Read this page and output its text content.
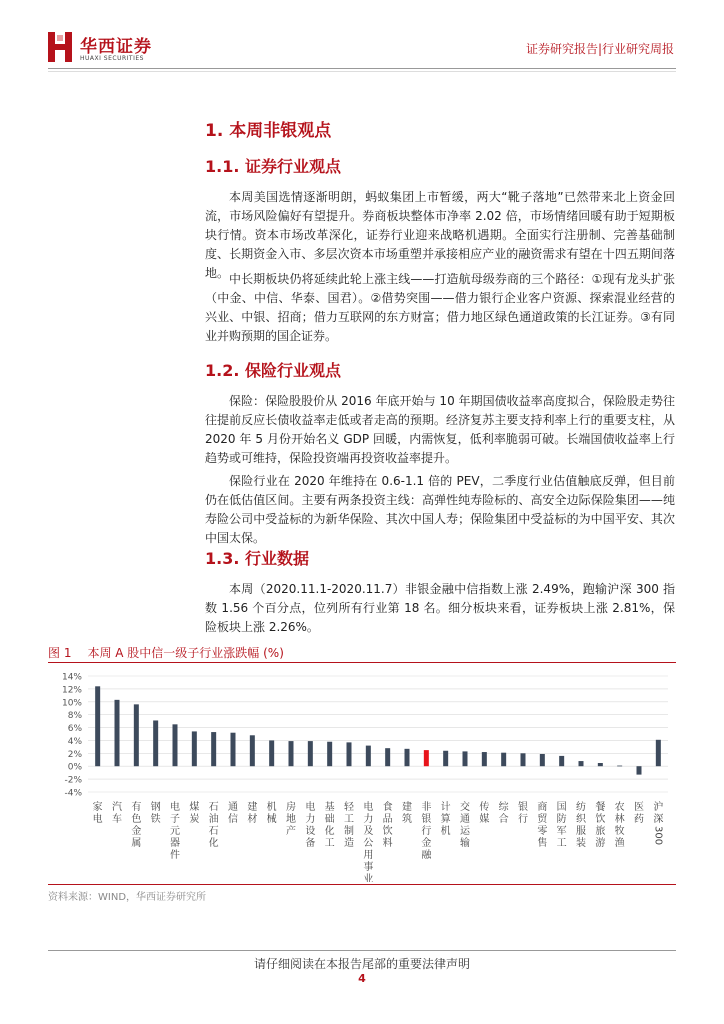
华西证券
HUAXI SECURITIES
证券研究报告|行业研究周报
1. 本周非银观点
1.1. 证券行业观点
本周美国选情逐渐明朗，蚂蚁集团上市暂缓，两大“靴子落地”已然带来北上资金回流，市场风险偏好有望提升。券商板块整体市净率 2.02 倍，市场情绪回暖有助于短期板块行情。资本市场改革深化，证券行业迎来战略机遇期。全面实行注册制、完善基础制度、长期资金入市、多层次资本市场重塑并承接相应产业的融资需求有望在十四五期间落地。 中长期板块仍将延续此轮上涨主线——打造航母级券商的三个路径：①现有龙头扩张（中金、中信、华泰、国君）。②借势突围——借力银行企业客户资源、探索混业经营的兴业、中银、招商；借力互联网的东方财富；借力地区绿色通道政策的长江证券。③有同业并购预期的国企证券。
1.2. 保险行业观点
保险：保险股股价从 2016 年底开始与 10 年期国债收益率高度拟合，保险股走势往往提前反应长债收益率走低或者走高的预期。经济复苏主要支持利率上行的重要支柱，从 2020 年 5 月份开始名义 GDP 回暖，内需恢复，低利率脆弱可破。长端国债收益率上行趋势或可维持，保险投资端再投资收益率提升。
保险行业在 2020 年维持在 0.6-1.1 倍的 PEV，二季度行业估值触底反弹，但目前仍在低估值区间。主要有两条投资主线：高弹性纯寿险标的、高安全边际保险集团——纯寿险公司中受益标的为新华保险、其次中国人寿；保险集团中受益标的为中国平安、其次中国太保。
1.3. 行业数据
本周（2020.11.1-2020.11.7）非银金融中信指数上涨 2.49%，跑输沪深 300 指数 1.56 个百分点，位列所有行业第 18 名。细分板块来看，证券板块上涨 2.81%，保险板块上涨 2.26%。
图 1 本周 A 股中信一级子行业涨跌幅 (%)
-4%
-2%
0%
2%
4%
6%
8%
10%
12%
14%
家电
汽车
有色金属
钢铁
电子元器件
煤炭
石油石化
通信
建材
机械
房地产
电力设备
基础化工
轻工制造
电力及公用事业
食品饮料
建筑
非银行金融
计算机
交通运输
传媒
综合
银行
商贸零售
国防军工
纺织服装
餐饮旅游
农林牧渔
医药
沪深
300
资料来源：WIND，华西证券研究所
请仔细阅读在本报告尾部的重要法律声明
4
